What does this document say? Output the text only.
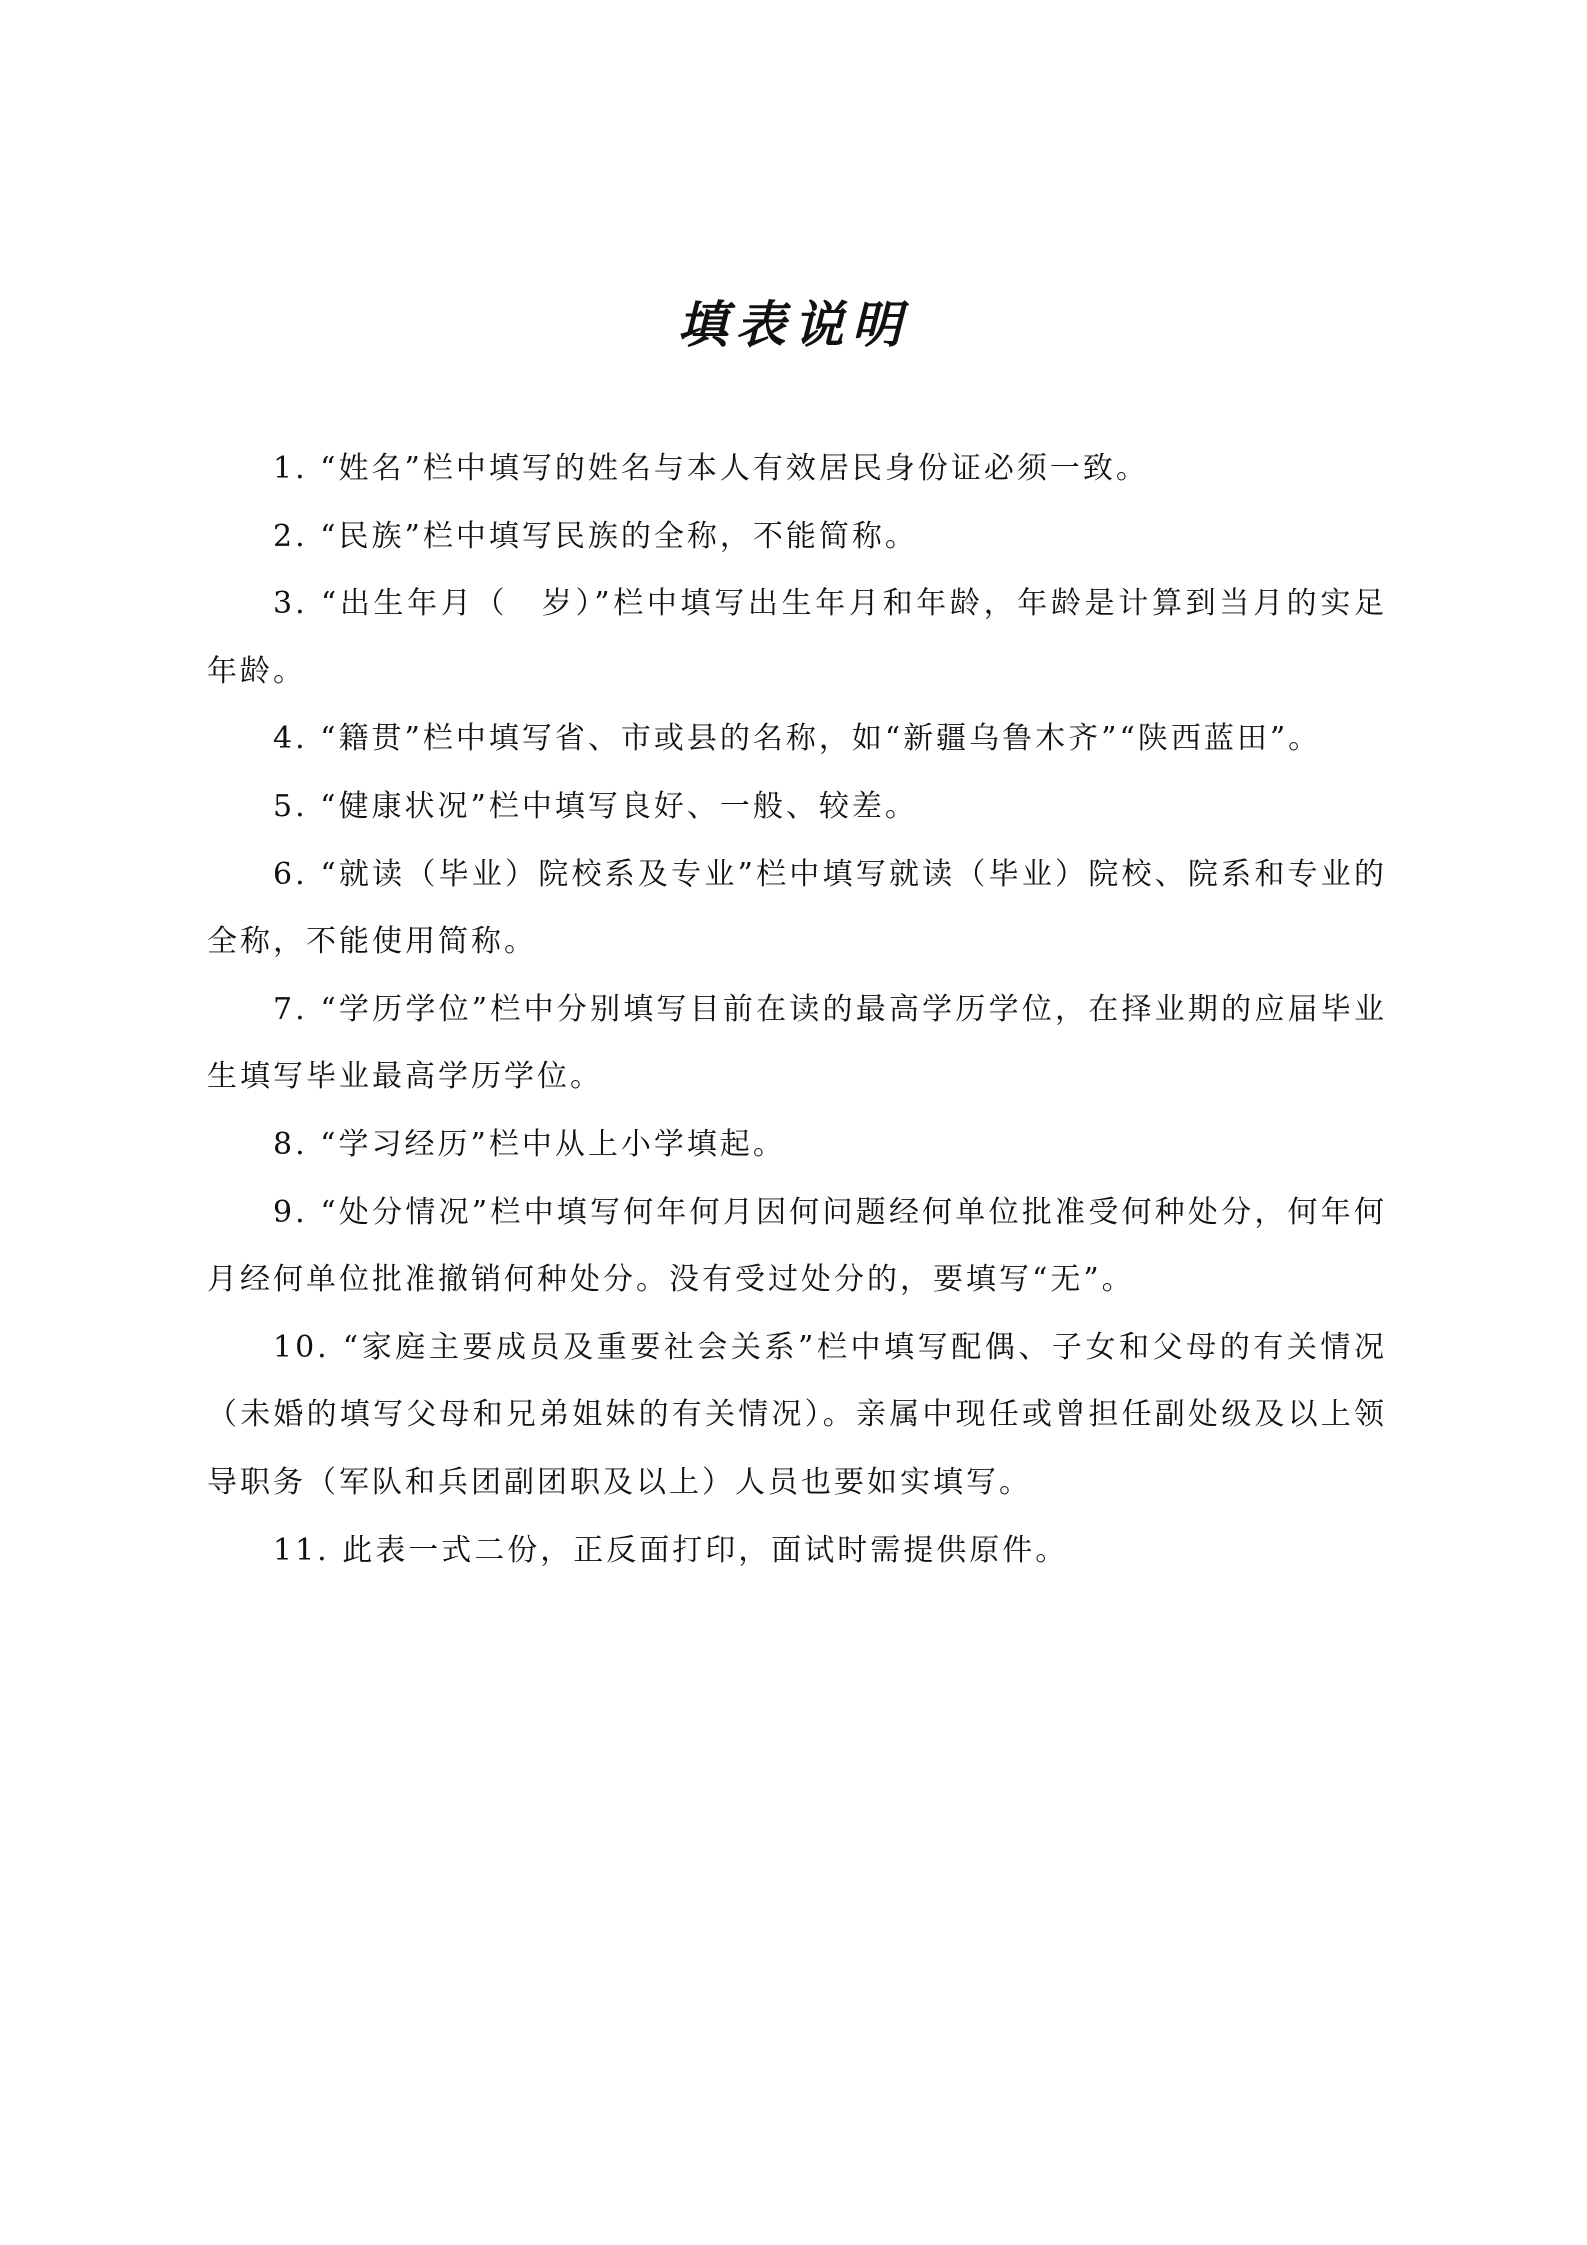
填表说明

1. “姓名”栏中填写的姓名与本人有效居民身份证必须一致。

2. “民族”栏中填写民族的全称，不能简称。

3. “出生年月（　岁）”栏中填写出生年月和年龄，年龄是计算到当月的实足年龄。

4. “籍贯”栏中填写省、市或县的名称，如“新疆乌鲁木齐”“陕西蓝田”。

5. “健康状况”栏中填写良好、一般、较差。

6. “就读（毕业）院校系及专业”栏中填写就读（毕业）院校、院系和专业的全称，不能使用简称。

7. “学历学位”栏中分别填写目前在读的最高学历学位，在择业期的应届毕业生填写毕业最高学历学位。

8. “学习经历”栏中从上小学填起。

9. “处分情况”栏中填写何年何月因何问题经何单位批准受何种处分，何年何月经何单位批准撤销何种处分。没有受过处分的，要填写“无”。

10. “家庭主要成员及重要社会关系”栏中填写配偶、子女和父母的有关情况（未婚的填写父母和兄弟姐妹的有关情况）。亲属中现任或曾担任副处级及以上领导职务（军队和兵团副团职及以上）人员也要如实填写。

11. 此表一式二份，正反面打印，面试时需提供原件。
